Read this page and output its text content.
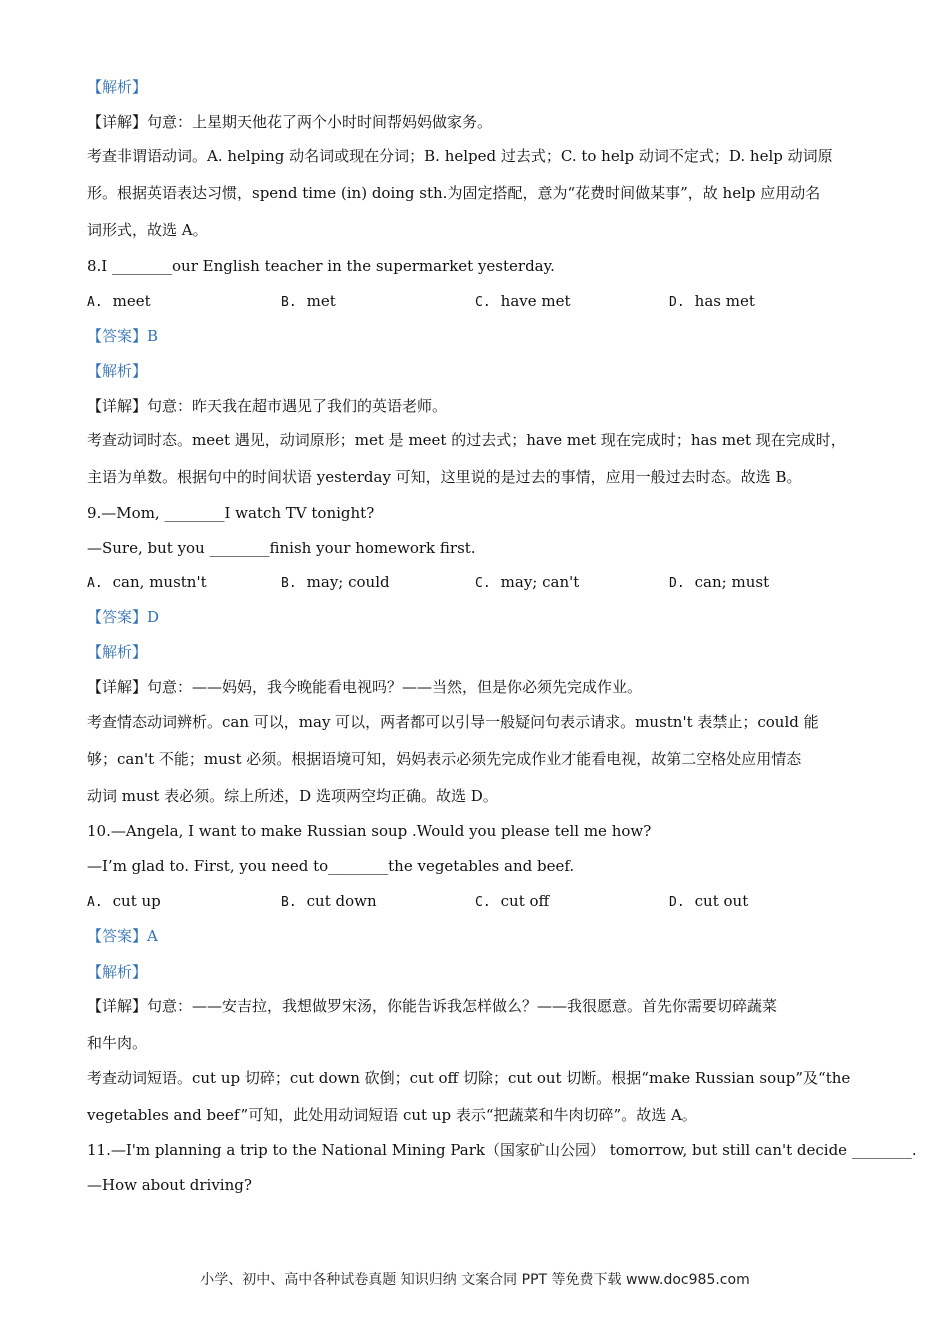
【解析】
【详解】句意：上星期天他花了两个小时时间帮妈妈做家务。
考查非谓语动词。A. helping 动名词或现在分词；B. helped 过去式；C. to help 动词不定式；D. help 动词原
形。根据英语表达习惯，spend time (in) doing sth.为固定搭配，意为“花费时间做某事”，故 help 应用动名
词形式，故选 A。
8.I ________our English teacher in the supermarket yesterday.
A. meet	B. met	C. have met	D. has met
【答案】B
【解析】
【详解】句意：昨天我在超市遇见了我们的英语老师。
考查动词时态。meet 遇见，动词原形；met 是 meet 的过去式；have met 现在完成时；has met 现在完成时，
主语为单数。根据句中的时间状语 yesterday 可知，这里说的是过去的事情，应用一般过去时态。故选 B。
9.—Mom, ________I watch TV tonight?
—Sure, but you ________finish your homework first.
A. can, mustn't	B. may; could	C. may; can't	D. can; must
【答案】D
【解析】
【详解】句意：——妈妈，我今晚能看电视吗？——当然，但是你必须先完成作业。
考查情态动词辨析。can 可以，may 可以，两者都可以引导一般疑问句表示请求。mustn't 表禁止；could 能
够；can't 不能；must 必须。根据语境可知，妈妈表示必须先完成作业才能看电视，故第二空格处应用情态
动词 must 表必须。综上所述，D 选项两空均正确。故选 D。
10.—Angela, I want to make Russian soup .Would you please tell me how?
—I’m glad to. First, you need to________the vegetables and beef.
A. cut up	B. cut down	C. cut off	D. cut out
【答案】A
【解析】
【详解】句意：——安吉拉，我想做罗宋汤，你能告诉我怎样做么？——我很愿意。首先你需要切碎蔬菜
和牛肉。
考查动词短语。cut up 切碎；cut down 砍倒；cut off 切除；cut out 切断。根据“make Russian soup”及“the
vegetables and beef”可知，此处用动词短语 cut up 表示“把蔬菜和牛肉切碎”。故选 A。
11.—I'm planning a trip to the National Mining Park（国家矿山公园） tomorrow, but still can't decide ________.
—How about driving?
小学、初中、高中各种试卷真题 知识归纳 文案合同 PPT 等免费下载 www.doc985.com
